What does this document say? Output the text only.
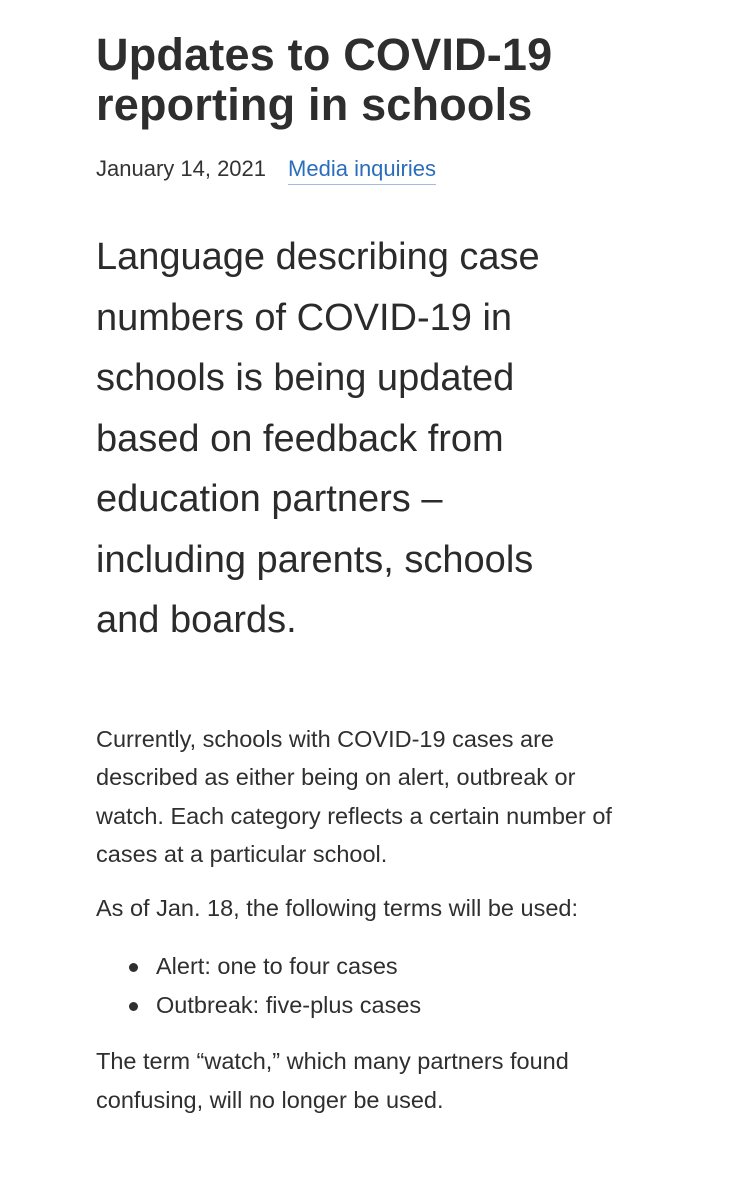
Updates to COVID-19 reporting in schools
January 14, 2021 Media inquiries

Language describing case numbers of COVID-19 in schools is being updated based on feedback from education partners – including parents, schools and boards.

Currently, schools with COVID-19 cases are described as either being on alert, outbreak or watch. Each category reflects a certain number of cases at a particular school.

As of Jan. 18, the following terms will be used:

Alert: one to four cases
Outbreak: five-plus cases

The term “watch,” which many partners found confusing, will no longer be used.
